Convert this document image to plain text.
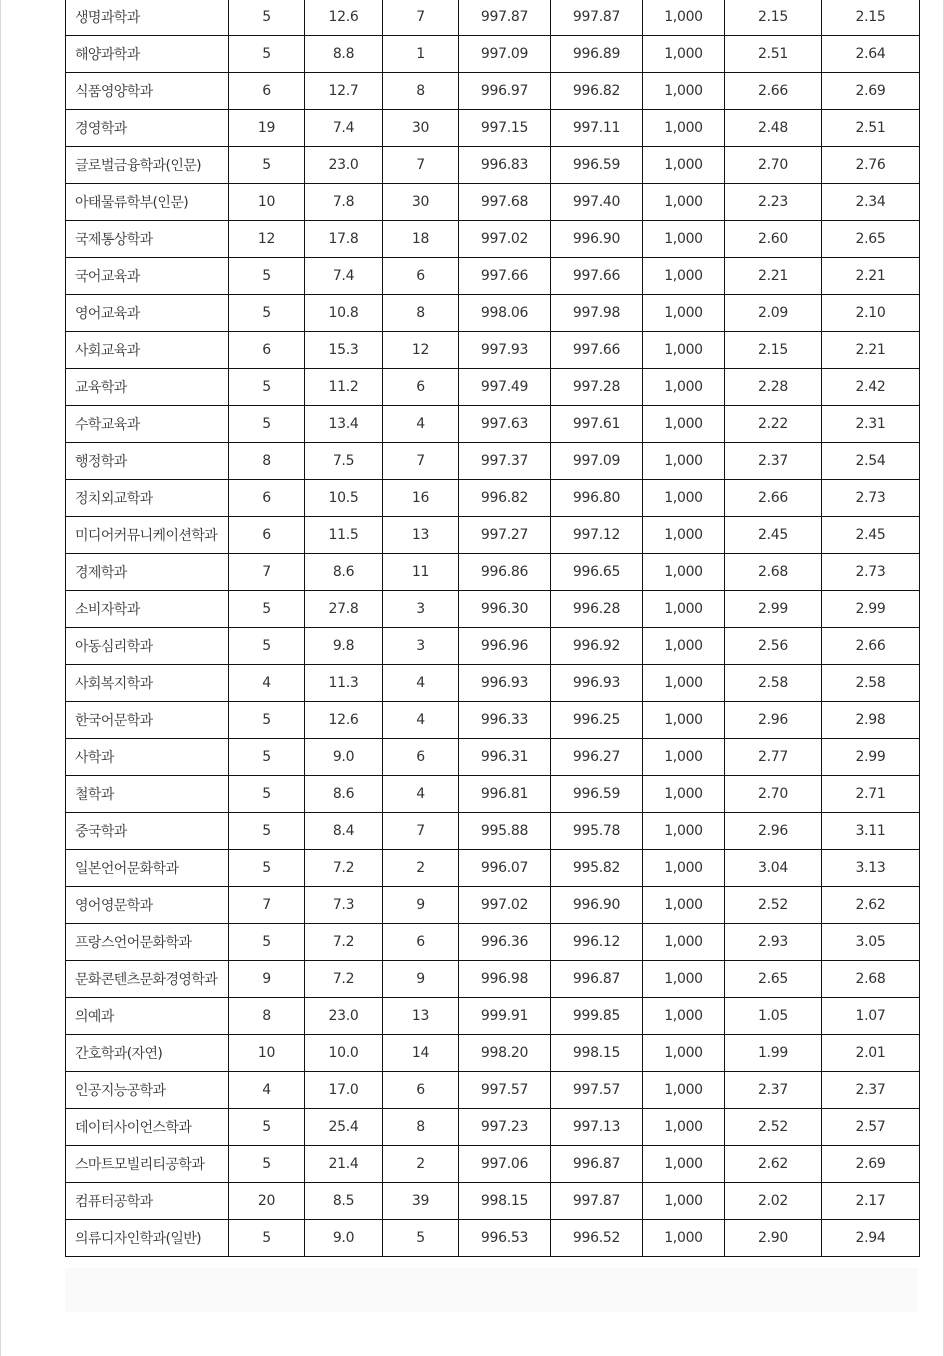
생명과학과	5	12.6	7	997.87	997.87	1,000	2.15	2.15
해양과학과	5	8.8	1	997.09	996.89	1,000	2.51	2.64
식품영양학과	6	12.7	8	996.97	996.82	1,000	2.66	2.69
경영학과	19	7.4	30	997.15	997.11	1,000	2.48	2.51
글로벌금융학과(인문)	5	23.0	7	996.83	996.59	1,000	2.70	2.76
아태물류학부(인문)	10	7.8	30	997.68	997.40	1,000	2.23	2.34
국제통상학과	12	17.8	18	997.02	996.90	1,000	2.60	2.65
국어교육과	5	7.4	6	997.66	997.66	1,000	2.21	2.21
영어교육과	5	10.8	8	998.06	997.98	1,000	2.09	2.10
사회교육과	6	15.3	12	997.93	997.66	1,000	2.15	2.21
교육학과	5	11.2	6	997.49	997.28	1,000	2.28	2.42
수학교육과	5	13.4	4	997.63	997.61	1,000	2.22	2.31
행정학과	8	7.5	7	997.37	997.09	1,000	2.37	2.54
정치외교학과	6	10.5	16	996.82	996.80	1,000	2.66	2.73
미디어커뮤니케이션학과	6	11.5	13	997.27	997.12	1,000	2.45	2.45
경제학과	7	8.6	11	996.86	996.65	1,000	2.68	2.73
소비자학과	5	27.8	3	996.30	996.28	1,000	2.99	2.99
아동심리학과	5	9.8	3	996.96	996.92	1,000	2.56	2.66
사회복지학과	4	11.3	4	996.93	996.93	1,000	2.58	2.58
한국어문학과	5	12.6	4	996.33	996.25	1,000	2.96	2.98
사학과	5	9.0	6	996.31	996.27	1,000	2.77	2.99
철학과	5	8.6	4	996.81	996.59	1,000	2.70	2.71
중국학과	5	8.4	7	995.88	995.78	1,000	2.96	3.11
일본언어문화학과	5	7.2	2	996.07	995.82	1,000	3.04	3.13
영어영문학과	7	7.3	9	997.02	996.90	1,000	2.52	2.62
프랑스언어문화학과	5	7.2	6	996.36	996.12	1,000	2.93	3.05
문화콘텐츠문화경영학과	9	7.2	9	996.98	996.87	1,000	2.65	2.68
의예과	8	23.0	13	999.91	999.85	1,000	1.05	1.07
간호학과(자연)	10	10.0	14	998.20	998.15	1,000	1.99	2.01
인공지능공학과	4	17.0	6	997.57	997.57	1,000	2.37	2.37
데이터사이언스학과	5	25.4	8	997.23	997.13	1,000	2.52	2.57
스마트모빌리티공학과	5	21.4	2	997.06	996.87	1,000	2.62	2.69
컴퓨터공학과	20	8.5	39	998.15	997.87	1,000	2.02	2.17
의류디자인학과(일반)	5	9.0	5	996.53	996.52	1,000	2.90	2.94
